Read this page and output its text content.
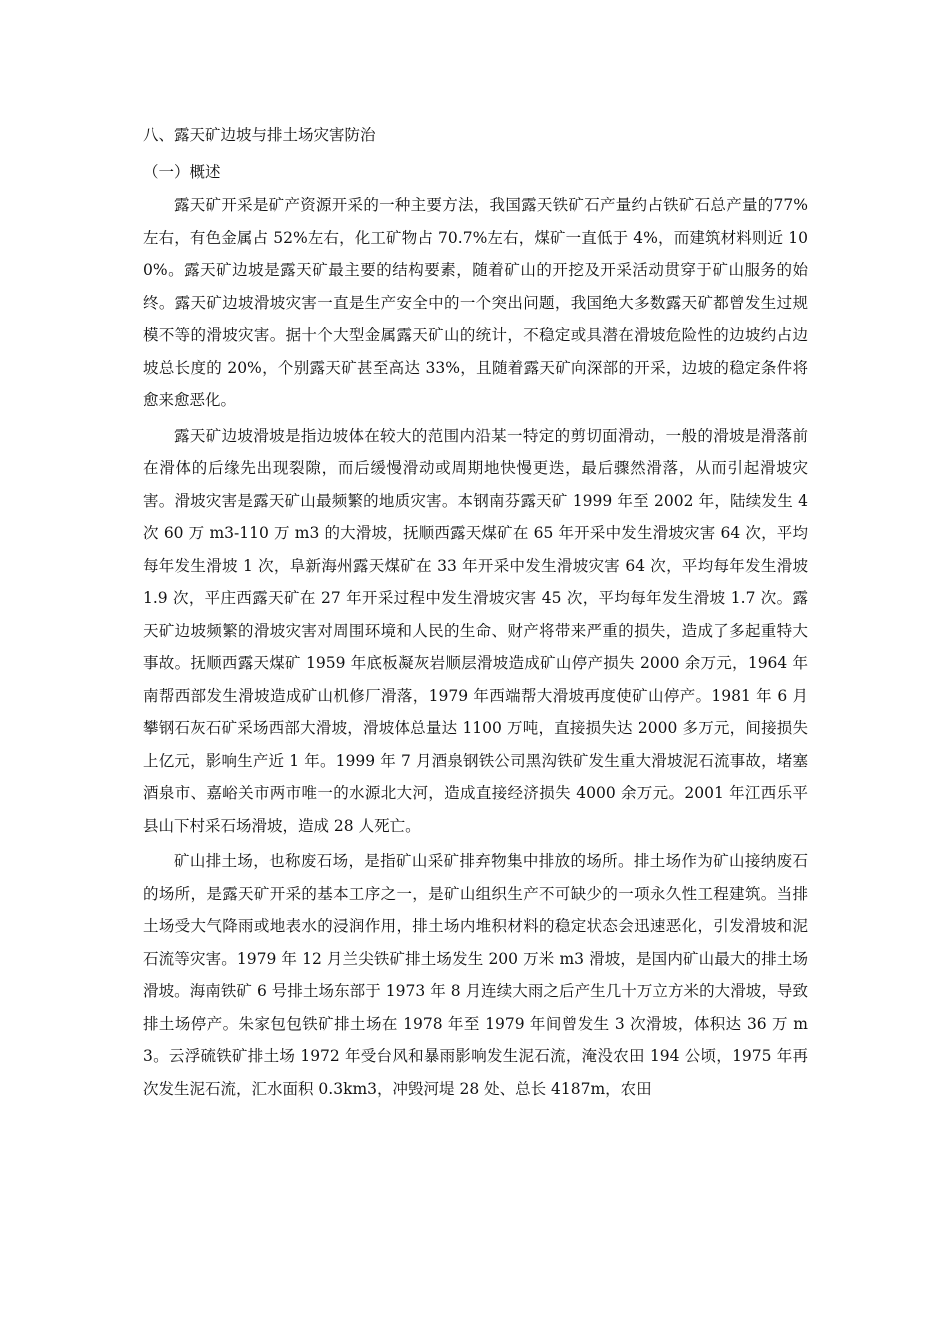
八、露天矿边坡与排土场灾害防治
（一）概述

露天矿开采是矿产资源开采的一种主要方法，我国露天铁矿石产量约占铁矿石总产量的77%左右，有色金属占 52%左右，化工矿物占 70.7%左右，煤矿一直低于 4%，而建筑材料则近 100%。露天矿边坡是露天矿最主要的结构要素，随着矿山的开挖及开采活动贯穿于矿山服务的始终。露天矿边坡滑坡灾害一直是生产安全中的一个突出问题，我国绝大多数露天矿都曾发生过规模不等的滑坡灾害。据十个大型金属露天矿山的统计，不稳定或具潜在滑坡危险性的边坡约占边坡总长度的 20%，个别露天矿甚至高达 33%，且随着露天矿向深部的开采，边坡的稳定条件将愈来愈恶化。

露天矿边坡滑坡是指边坡体在较大的范围内沿某一特定的剪切面滑动，一般的滑坡是滑落前在滑体的后缘先出现裂隙，而后缓慢滑动或周期地快慢更迭，最后骤然滑落，从而引起滑坡灾害。滑坡灾害是露天矿山最频繁的地质灾害。本钢南芬露天矿 1999 年至 2002 年，陆续发生 4 次 60 万 m3-110 万 m3 的大滑坡，抚顺西露天煤矿在 65 年开采中发生滑坡灾害 64 次，平均每年发生滑坡 1 次，阜新海州露天煤矿在 33 年开采中发生滑坡灾害 64 次，平均每年发生滑坡 1.9 次，平庄西露天矿在 27 年开采过程中发生滑坡灾害 45 次，平均每年发生滑坡 1.7 次。露天矿边坡频繁的滑坡灾害对周围环境和人民的生命、财产将带来严重的损失，造成了多起重特大事故。抚顺西露天煤矿 1959 年底板凝灰岩顺层滑坡造成矿山停产损失 2000 余万元，1964 年南帮西部发生滑坡造成矿山机修厂滑落，1979 年西端帮大滑坡再度使矿山停产。1981 年 6 月攀钢石灰石矿采场西部大滑坡，滑坡体总量达 1100 万吨，直接损失达 2000 多万元，间接损失上亿元，影响生产近 1 年。1999 年 7 月酒泉钢铁公司黑沟铁矿发生重大滑坡泥石流事故，堵塞酒泉市、嘉峪关市两市唯一的水源北大河，造成直接经济损失 4000 余万元。2001 年江西乐平县山下村采石场滑坡，造成 28 人死亡。

矿山排土场，也称废石场，是指矿山采矿排弃物集中排放的场所。排土场作为矿山接纳废石的场所，是露天矿开采的基本工序之一，是矿山组织生产不可缺少的一项永久性工程建筑。当排土场受大气降雨或地表水的浸润作用，排土场内堆积材料的稳定状态会迅速恶化，引发滑坡和泥石流等灾害。1979 年 12 月兰尖铁矿排土场发生 200 万米 m3 滑坡，是国内矿山最大的排土场滑坡。海南铁矿 6 号排土场东部于 1973 年 8 月连续大雨之后产生几十万立方米的大滑坡，导致排土场停产。朱家包包铁矿排土场在 1978 年至 1979 年间曾发生 3 次滑坡，体积达 36 万 m3。云浮硫铁矿排土场 1972 年受台风和暴雨影响发生泥石流，淹没农田 194 公顷，1975 年再次发生泥石流，汇水面积 0.3km3，冲毁河堤 28 处、总长 4187m，农田
